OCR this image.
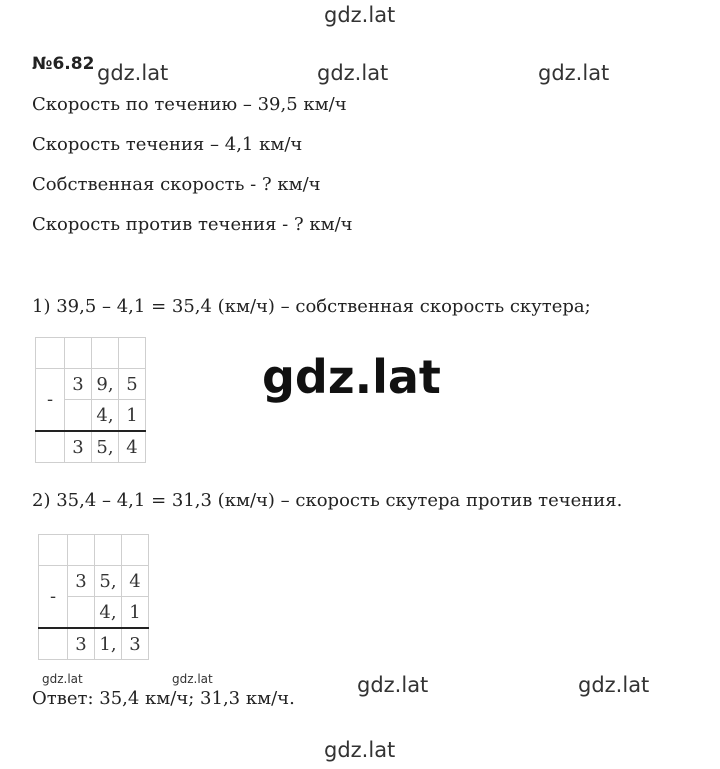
gdz.lat
gdz.lat	gdz.lat	gdz.lat
gdz.lat
gdz.lat	gdz.lat	gdz.lat	gdz.lat
gdz.lat
№6.82
Скорость по течению – 39,5 км/ч
Скорость течения – 4,1 км/ч
Собственная скорость - ? км/ч
Скорость против течения - ? км/ч
1) 39,5 – 4,1 = 35,4 (км/ч) – собственная скорость скутера;

-	3	9,	5
		4,	1
	3	5,	4
2) 35,4 – 4,1 = 31,3 (км/ч) – скорость скутера против течения.

-	3	5,	4
		4,	1
	3	1,	3
Ответ: 35,4 км/ч; 31,3 км/ч.
